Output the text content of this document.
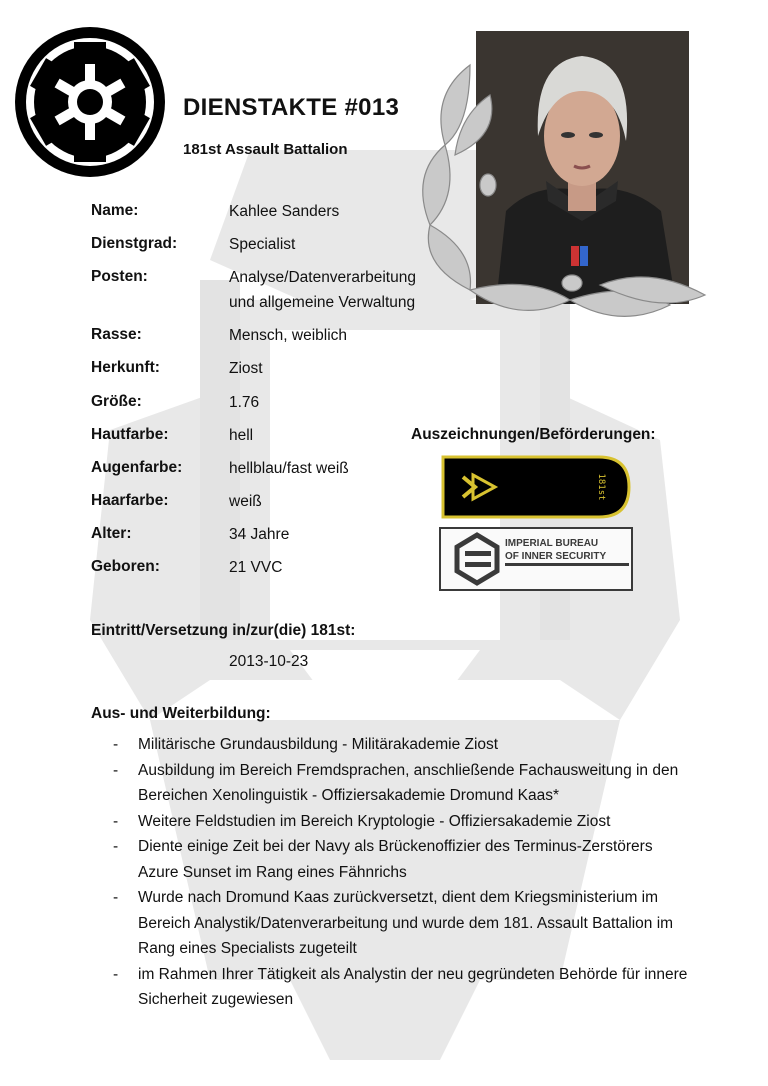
DIENSTAKTE #013
181st Assault Battalion
Name:	Kahlee Sanders
Dienstgrad:	Specialist
Posten:	Analyse/Datenverarbeitung
und allgemeine Verwaltung
Rasse:	Mensch, weiblich
Herkunft:	Ziost
Größe:	1.76
Hautfarbe:	hell
Augenfarbe:	hellblau/fast weiß
Haarfarbe:	weiß
Alter:	34 Jahre
Geboren:	21 VVC
Auszeichnungen/Beförderungen:
181st
IMPERIAL BUREAU
OF INNER SECURITY
Eintritt/Versetzung in/zur(die) 181st:
2013-10-23
Aus- und Weiterbildung:
- Militärische Grundausbildung - Militärakademie Ziost
- Ausbildung im Bereich Fremdsprachen, anschließende Fachausweitung in den Bereichen Xenolinguistik - Offiziersakademie Dromund Kaas*
- Weitere Feldstudien im Bereich Kryptologie - Offiziersakademie Ziost
- Diente einige Zeit bei der Navy als Brückenoffizier des Terminus-Zerstörers Azure Sunset im Rang eines Fähnrichs
- Wurde nach Dromund Kaas zurückversetzt, dient dem Kriegsministerium im Bereich Analystik/Datenverarbeitung und wurde dem 181. Assault Battalion im Rang eines Specialists zugeteilt
- im Rahmen Ihrer Tätigkeit als Analystin der neu gegründeten Behörde für innere Sicherheit zugewiesen
